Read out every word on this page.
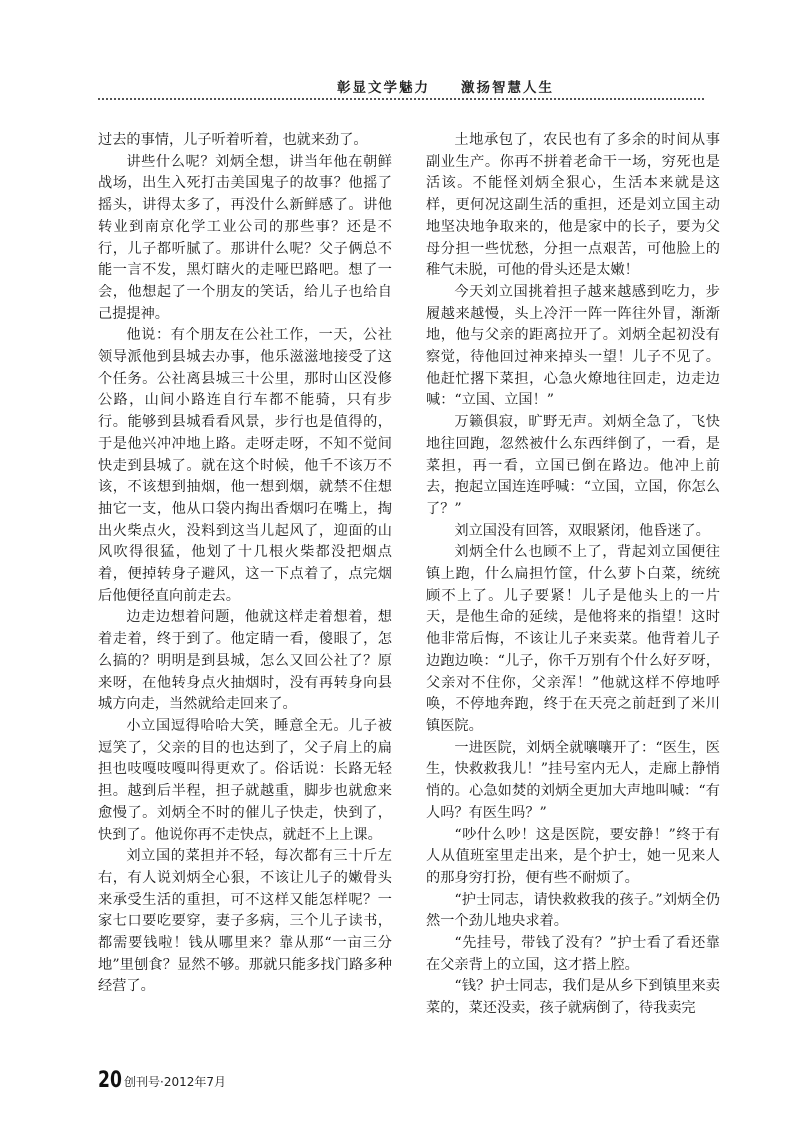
彰显文学魅力　　激扬智慧人生

过去的事情，儿子听着听着，也就来劲了。

讲些什么呢？刘炳全想，讲当年他在朝鲜战场，出生入死打击美国鬼子的故事？他摇了摇头，讲得太多了，再没什么新鲜感了。讲他转业到南京化学工业公司的那些事？还是不行，儿子都听腻了。那讲什么呢？父子俩总不能一言不发，黑灯瞎火的走哑巴路吧。想了一会，他想起了一个朋友的笑话，给儿子也给自己提提神。

他说：有个朋友在公社工作，一天，公社领导派他到县城去办事，他乐滋滋地接受了这个任务。公社离县城三十公里，那时山区没修公路，山间小路连自行车都不能骑，只有步行。能够到县城看看风景，步行也是值得的，于是他兴冲冲地上路。走呀走呀，不知不觉间快走到县城了。就在这个时候，他千不该万不该，不该想到抽烟，他一想到烟，就禁不住想抽它一支，他从口袋内掏出香烟叼在嘴上，掏出火柴点火，没料到这当儿起风了，迎面的山风吹得很猛，他划了十几根火柴都没把烟点着，便掉转身子避风，这一下点着了，点完烟后他便径直向前走去。

边走边想着问题，他就这样走着想着，想着走着，终于到了。他定睛一看，傻眼了，怎么搞的？明明是到县城，怎么又回公社了？原来呀，在他转身点火抽烟时，没有再转身向县城方向走，当然就给走回来了。

小立国逗得哈哈大笑，睡意全无。儿子被逗笑了，父亲的目的也达到了，父子肩上的扁担也吱嘎吱嘎叫得更欢了。俗话说：长路无轻担。越到后半程，担子就越重，脚步也就愈来愈慢了。刘炳全不时的催儿子快走，快到了，快到了。他说你再不走快点，就赶不上上课。

刘立国的菜担并不轻，每次都有三十斤左右，有人说刘炳全心狠，不该让儿子的嫩骨头来承受生活的重担，可不这样又能怎样呢？一家七口要吃要穿，妻子多病，三个儿子读书，都需要钱啦！钱从哪里来？靠从那“一亩三分地”里刨食？显然不够。那就只能多找门路多种经营了。

土地承包了，农民也有了多余的时间从事副业生产。你再不拼着老命干一场，穷死也是活该。不能怪刘炳全狠心，生活本来就是这样，更何况这副生活的重担，还是刘立国主动地坚决地争取来的，他是家中的长子，要为父母分担一些忧愁，分担一点艰苦，可他脸上的稚气未脱，可他的骨头还是太嫩！

今天刘立国挑着担子越来越感到吃力，步履越来越慢，头上冷汗一阵一阵往外冒，渐渐地，他与父亲的距离拉开了。刘炳全起初没有察觉，待他回过神来掉头一望！儿子不见了。他赶忙撂下菜担，心急火燎地往回走，边走边喊：“立国、立国！”

万籁俱寂，旷野无声。刘炳全急了，飞快地往回跑，忽然被什么东西绊倒了，一看，是菜担，再一看，立国已倒在路边。他冲上前去，抱起立国连连呼喊：“立国，立国，你怎么了？”

刘立国没有回答，双眼紧闭，他昏迷了。

刘炳全什么也顾不上了，背起刘立国便往镇上跑，什么扁担竹筐，什么萝卜白菜，统统顾不上了。儿子要紧！儿子是他头上的一片天，是他生命的延续，是他将来的指望！这时他非常后悔，不该让儿子来卖菜。他背着儿子边跑边唤：“儿子，你千万别有个什么好歹呀，父亲对不住你，父亲浑！”他就这样不停地呼唤，不停地奔跑，终于在天亮之前赶到了米川镇医院。

一进医院，刘炳全就嚷嚷开了：“医生，医生，快救救我儿！”挂号室内无人，走廊上静悄悄的。心急如焚的刘炳全更加大声地叫喊：“有人吗？有医生吗？”

“吵什么吵！这是医院，要安静！”终于有人从值班室里走出来，是个护士，她一见来人的那身穷打扮，便有些不耐烦了。

“护士同志，请快救救我的孩子。”刘炳全仍然一个劲儿地央求着。

“先挂号，带钱了没有？”护士看了看还靠在父亲背上的立国，这才搭上腔。

“钱？护士同志，我们是从乡下到镇里来卖菜的，菜还没卖，孩子就病倒了，待我卖完

20 创刊号·2012年7月
